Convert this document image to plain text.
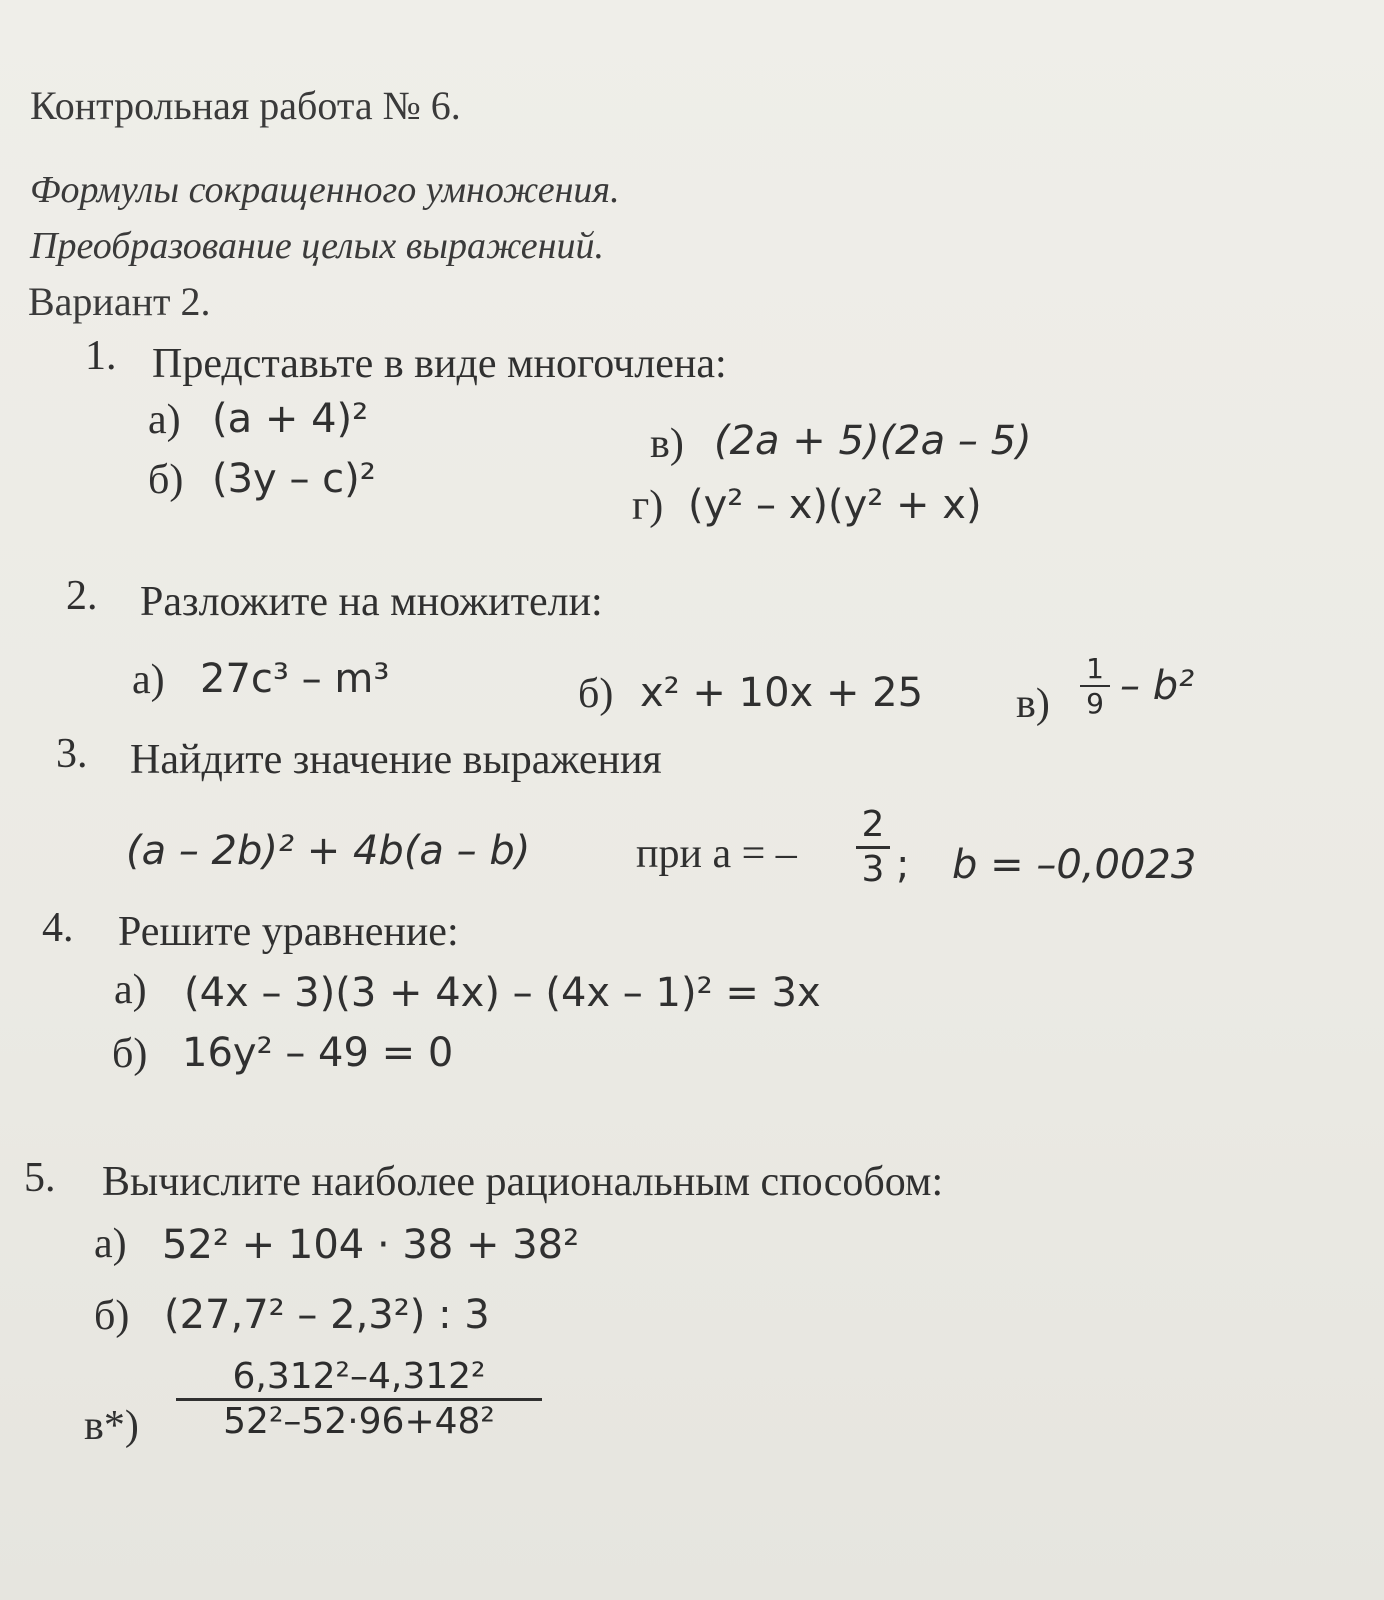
Контрольная работа № 6.
Формулы сокращенного умножения.
Преобразование целых выражений.
Вариант 2.
1. Представьте в виде многочлена:
а) (a + 4)²
б) (3y – c)²
в) (2a + 5)(2a – 5)
г) (y² – x)(y² + x)
2. Разложите на множители:
а) 27c³ – m³	б) x² + 10x + 25 $в) \frac{1}{9} - b^2$
3. Найдите значение выражения
(a – 2b)² + 4b(a – b)	при a = – $\frac{2}{3}$ ; b = –0,0023
4. Решите уравнение:
а) (4x – 3)(3 + 4x) – (4x – 1)² = 3x
б) 16y² – 49 = 0
5. Вычислите наиболее рациональным способом:
а) 52² + 104 · 38 + 38²
б) (27,7² – 2,3²) : 3
$в*) \frac{\text{6,312²–4,312²}}{\text{52²–52·96+48²}}$
